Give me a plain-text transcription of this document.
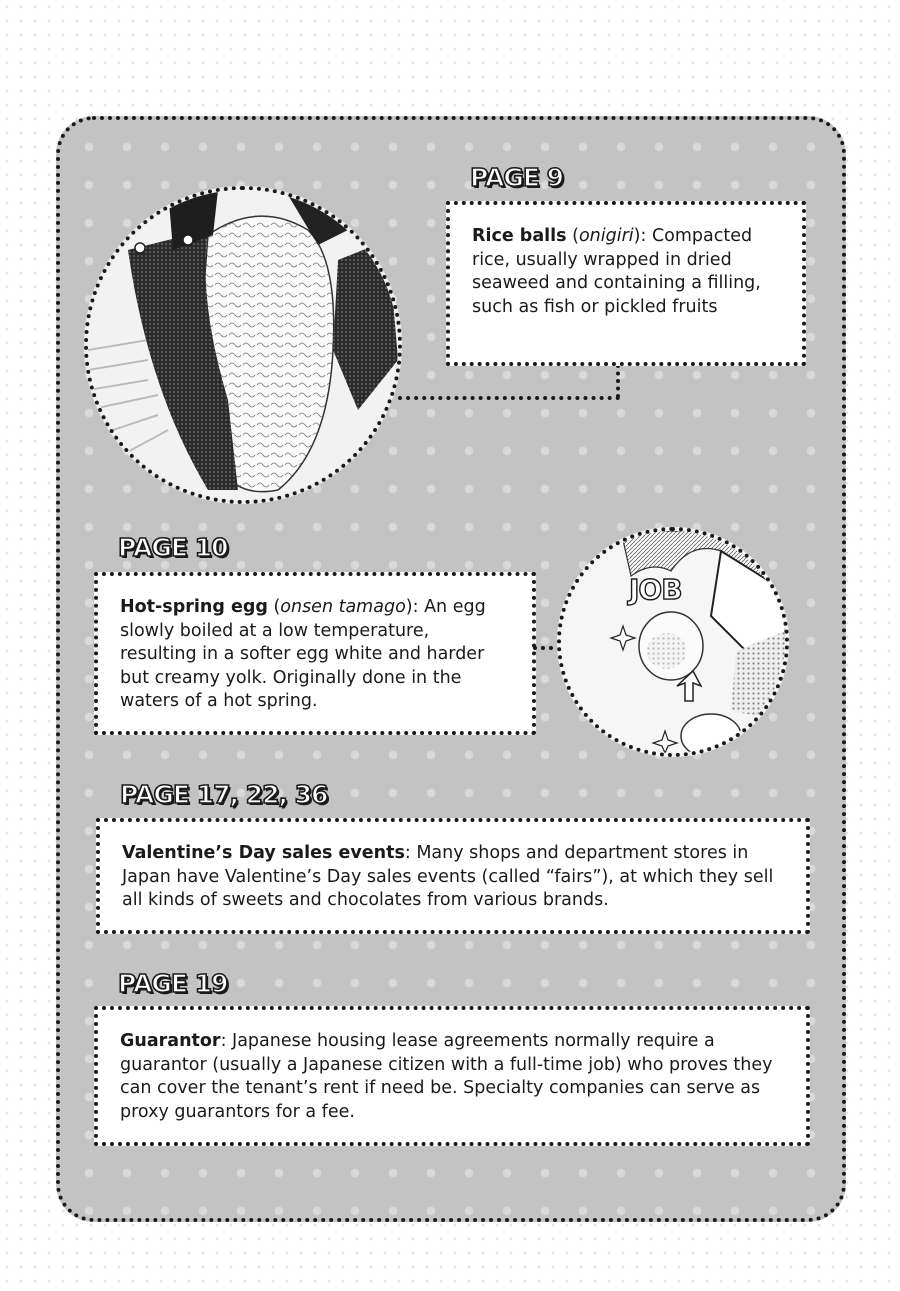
PAGE 9

Rice balls (onigiri): Compacted rice, usually wrapped in dried seaweed and containing a filling, such as fish or pickled fruits

PAGE 10

Hot-spring egg (onsen tamago): An egg slowly boiled at a low temperature, resulting in a softer egg white and harder but creamy yolk. Originally done in the waters of a hot spring.

JOB
PAGE 17, 22, 36

Valentine’s Day sales events: Many shops and department stores in Japan have Valentine’s Day sales events (called “fairs”), at which they sell all kinds of sweets and chocolates from various brands.

PAGE 19

Guarantor: Japanese housing lease agreements normally require a guarantor (usually a Japanese citizen with a full-time job) who proves they can cover the tenant’s rent if need be. Specialty companies can serve as proxy guarantors for a fee.
